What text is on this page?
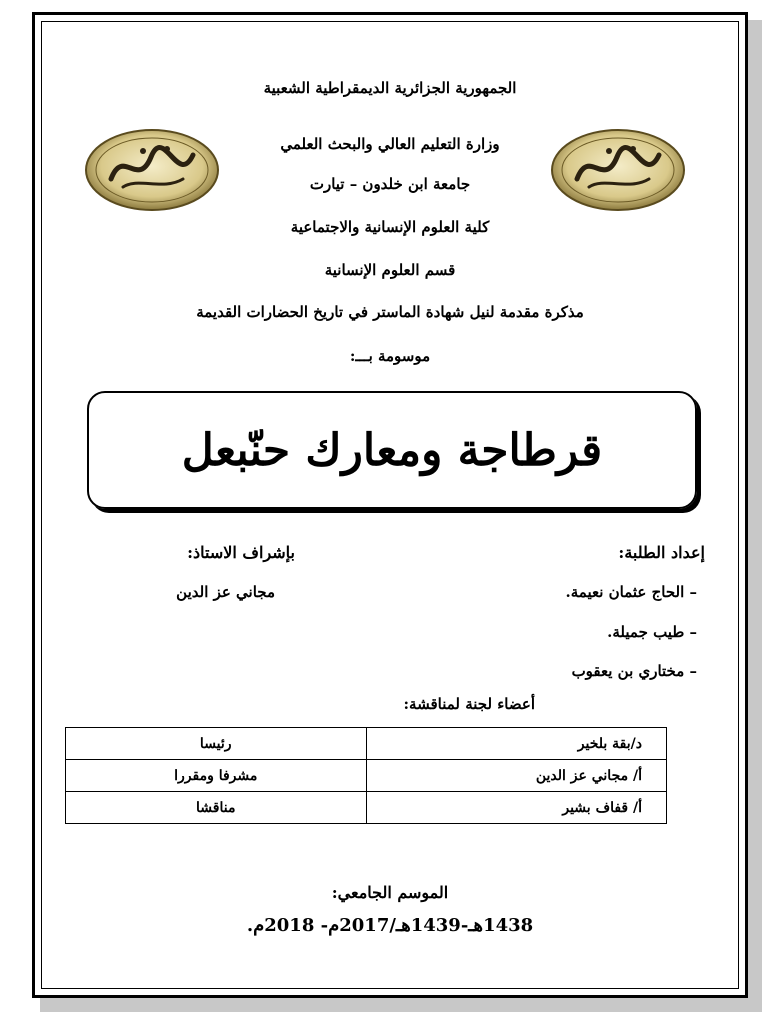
الجمهورية الجزائرية الديمقراطية الشعبية
وزارة التعليم العالي والبحث العلمي
جامعة ابن خلدون – تيارت
كلية العلوم الإنسانية والاجتماعية
قسم العلوم الإنسانية
مذكرة مقدمة لنيل شهادة الماستر في تاريخ الحضارات القديمة
موسومة بـــ:
قرطاجة ومعارك حنّبعل
إعداد الطلبة:
– الحاج عثمان نعيمة.
– طيب جميلة.
– مختاري بن يعقوب
بإشراف الاستاذ:
مجاني عز الدين
أعضاء لجنة لمناقشة:
د/بقة بلخير	رئيسا
أ/ مجاني عز الدين	مشرفا ومقررا
أ/ قفاف بشير	مناقشا
الموسم الجامعي:
1438هـ-1439هـ/2017م- 2018م.
